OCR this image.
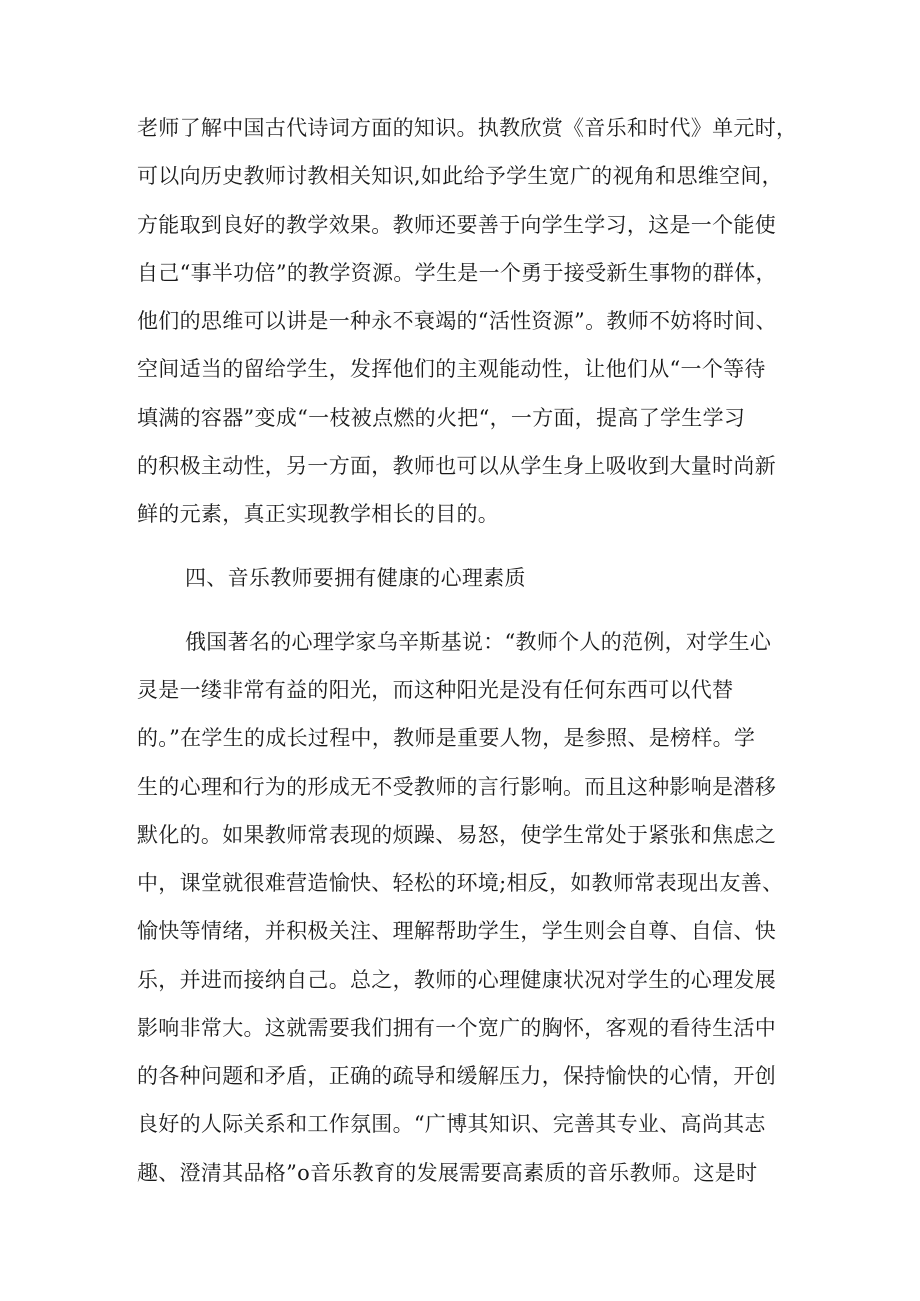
老师了解中国古代诗词方面的知识。执教欣赏《音乐和时代》单元时，
可以向历史教师讨教相关知识,如此给予学生宽广的视角和思维空间，
方能取到良好的教学效果。教师还要善于向学生学习，这是一个能使
自己“事半功倍”的教学资源。学生是一个勇于接受新生事物的群体，
他们的思维可以讲是一种永不衰竭的“活性资源”。教师不妨将时间、
空间适当的留给学生，发挥他们的主观能动性，让他们从“一个等待
填满的容器”变成“一枝被点燃的火把“，一方面，提高了学生学习
的积极主动性，另一方面，教师也可以从学生身上吸收到大量时尚新
鲜的元素，真正实现教学相长的目的。
四、音乐教师要拥有健康的心理素质
俄国著名的心理学家乌辛斯基说：“教师个人的范例，对学生心
灵是一缕非常有益的阳光，而这种阳光是没有任何东西可以代替
的。”在学生的成长过程中，教师是重要人物，是参照、是榜样。学
生的心理和行为的形成无不受教师的言行影响。而且这种影响是潜移
默化的。如果教师常表现的烦躁、易怒，使学生常处于紧张和焦虑之
中，课堂就很难营造愉快、轻松的环境;相反，如教师常表现出友善、
愉快等情绪，并积极关注、理解帮助学生，学生则会自尊、自信、快
乐，并进而接纳自己。总之，教师的心理健康状况对学生的心理发展
影响非常大。这就需要我们拥有一个宽广的胸怀，客观的看待生活中
的各种问题和矛盾，正确的疏导和缓解压力，保持愉快的心情，开创
良好的人际关系和工作氛围。“广博其知识、完善其专业、高尚其志
趣、澄清其品格”o音乐教育的发展需要高素质的音乐教师。这是时
